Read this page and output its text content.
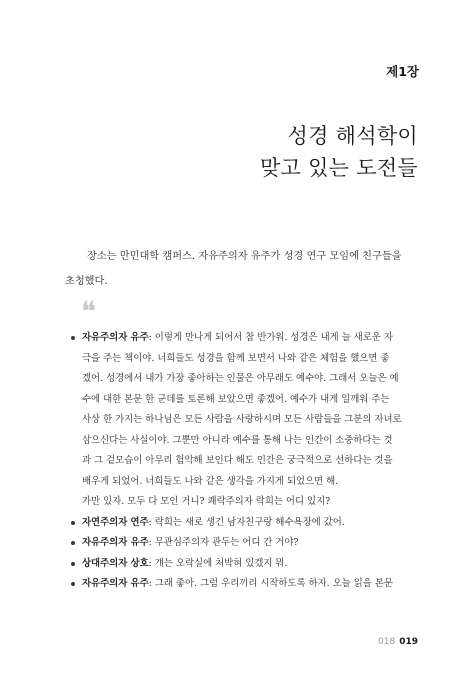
제1장
성경 해석학이
맞고 있는 도전들
장소는 만민대학 캠퍼스. 자유주의자 유주가 성경 연구 모임에 친구들을
초청했다.
❝
자유주의자 유주: 이렇게 만나게 되어서 참 반가워. 성경은 내게 늘 새로운 자
극을 주는 책이야. 너희들도 성경을 함께 보면서 나와 같은 체험을 했으면 좋
겠어. 성경에서 내가 가장 좋아하는 인물은 아무래도 예수야. 그래서 오늘은 예
수에 대한 본문 한 군데를 토론해 보았으면 좋겠어. 예수가 내게 일깨워 주는
사상 한 가지는 하나님은 모든 사람을 사랑하시며 모든 사람들을 그분의 자녀로
삼으신다는 사실이야. 그뿐만 아니라 예수를 통해 나는 인간이 소중하다는 것
과 그 겉모습이 아무리 험악해 보인다 해도 인간은 궁극적으로 선하다는 것을
배우게 되었어. 너희들도 나와 같은 생각을 가지게 되었으면 해.
가만 있자. 모두 다 모인 거니? 쾌락주의자 락희는 어디 있지?
자연주의자 연주: 락희는 새로 생긴 남자친구랑 해수욕장에 갔어.
자유주의자 유주: 무관심주의자 관두는 어디 간 거야?
상대주의자 상호: 걔는 오락실에 처박혀 있겠지 뭐.
자유주의자 유주: 그래 좋아. 그럼 우리끼리 시작하도록 하자. 오늘 읽을 본문
018 019
